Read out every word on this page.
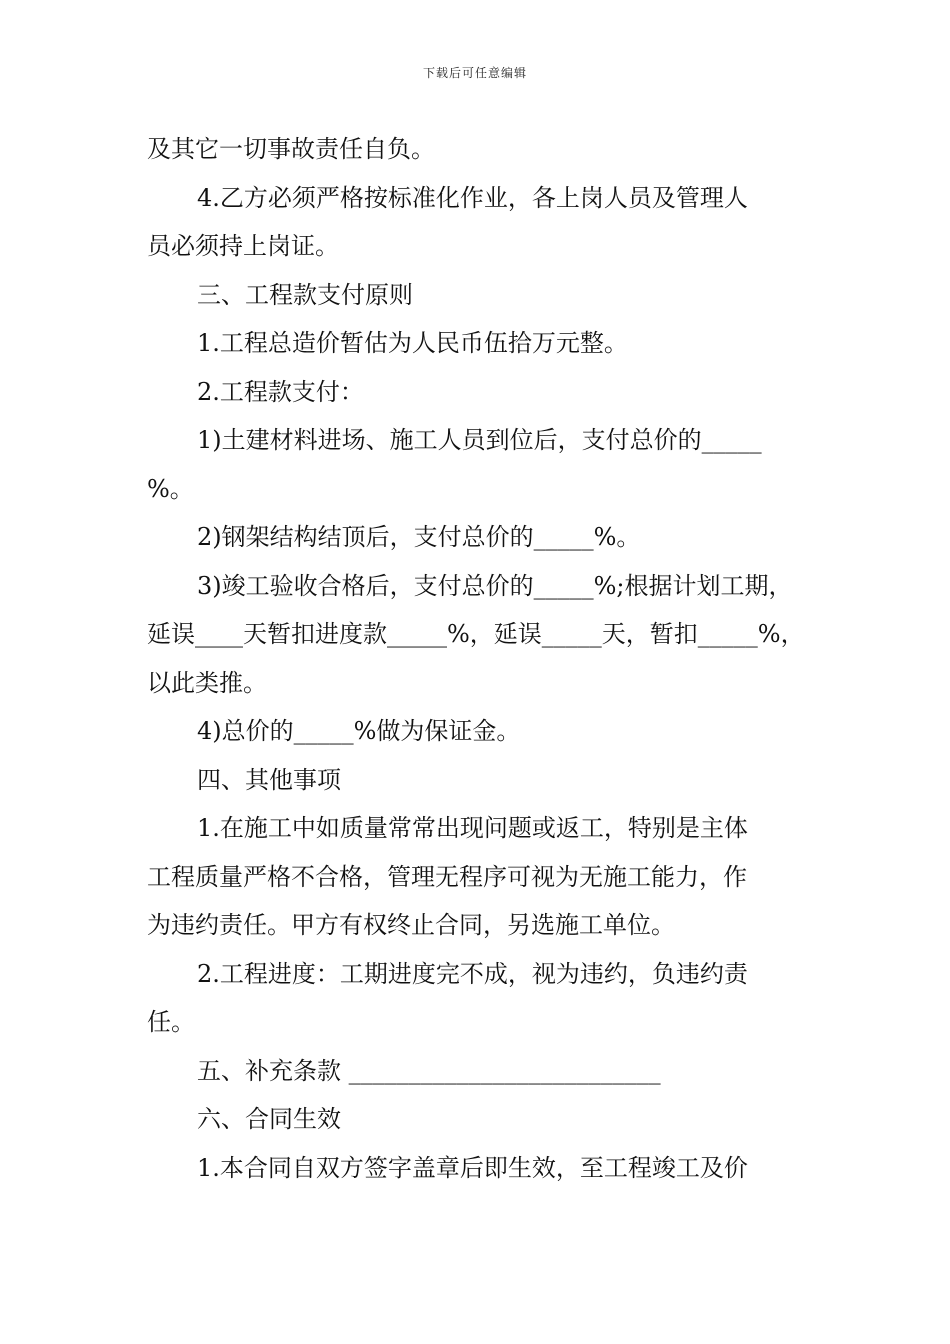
下载后可任意编辑
及其它一切事故责任自负。
4.乙方必须严格按标准化作业，各上岗人员及管理人
员必须持上岗证。
三、工程款支付原则
1.工程总造价暂估为人民币伍拾万元整。
2.工程款支付：
1)土建材料进场、施工人员到位后，支付总价的_____
%。
2)钢架结构结顶后，支付总价的_____%。
3)竣工验收合格后，支付总价的_____%;根据计划工期，
延误____天暂扣进度款_____%，延误_____天，暂扣_____%，
以此类推。
4)总价的_____%做为保证金。
四、其他事项
1.在施工中如质量常常出现问题或返工，特别是主体
工程质量严格不合格，管理无程序可视为无施工能力，作
为违约责任。甲方有权终止合同，另选施工单位。
2.工程进度：工期进度完不成，视为违约，负违约责
任。
五、补充条款 __________________________
六、合同生效
1.本合同自双方签字盖章后即生效，至工程竣工及价
